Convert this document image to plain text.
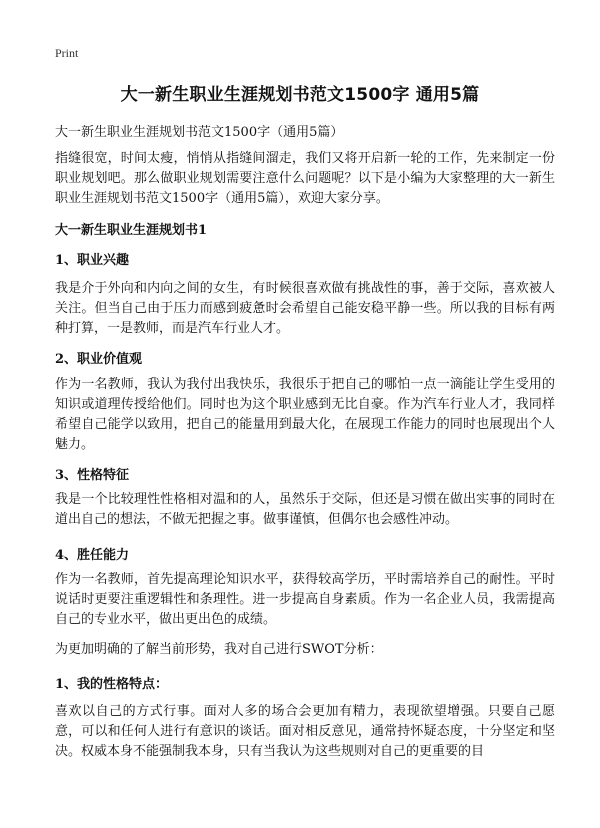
Print
大一新生职业生涯规划书范文1500字 通用5篇
大一新生职业生涯规划书范文1500字（通用5篇）
指缝很宽，时间太瘦，悄悄从指缝间溜走，我们又将开启新一轮的工作，先来制定一份职业规划吧。那么做职业规划需要注意什么问题呢？以下是小编为大家整理的大一新生职业生涯规划书范文1500字（通用5篇），欢迎大家分享。
大一新生职业生涯规划书1
1、职业兴趣
我是介于外向和内向之间的女生，有时候很喜欢做有挑战性的事，善于交际，喜欢被人关注。但当自己由于压力而感到疲惫时会希望自己能安稳平静一些。所以我的目标有两种打算，一是教师，而是汽车行业人才。
2、职业价值观
作为一名教师，我认为我付出我快乐，我很乐于把自己的哪怕一点一滴能让学生受用的知识或道理传授给他们。同时也为这个职业感到无比自豪。作为汽车行业人才，我同样希望自己能学以致用，把自己的能量用到最大化，在展现工作能力的同时也展现出个人魅力。
3、性格特征
我是一个比较理性性格相对温和的人，虽然乐于交际，但还是习惯在做出实事的同时在道出自己的想法，不做无把握之事。做事谨慎，但偶尔也会感性冲动。
4、胜任能力
作为一名教师，首先提高理论知识水平，获得较高学历，平时需培养自己的耐性。平时说话时更要注重逻辑性和条理性。进一步提高自身素质。作为一名企业人员，我需提高自己的专业水平，做出更出色的成绩。
为更加明确的了解当前形势，我对自己进行SWOT分析：
1、我的性格特点：
喜欢以自己的方式行事。面对人多的场合会更加有精力，表现欲望增强。只要自己愿意，可以和任何人进行有意识的谈话。面对相反意见，通常持怀疑态度，十分坚定和坚决。权威本身不能强制我本身，只有当我认为这些规则对自己的更重要的目
